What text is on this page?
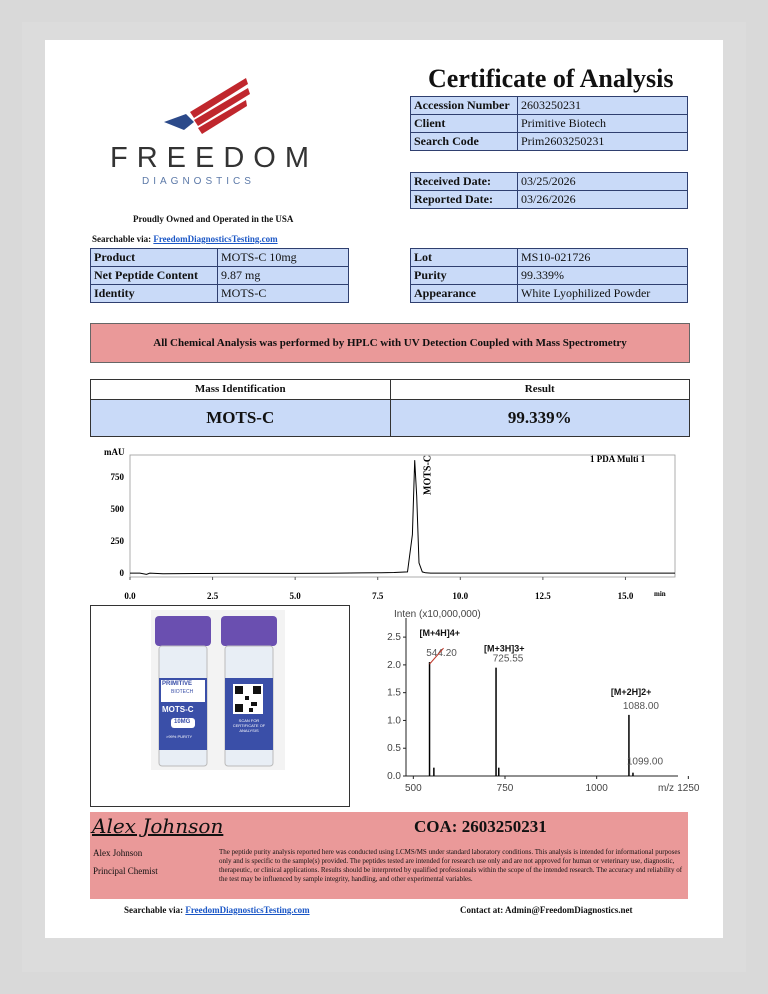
FREEDOM
DIAGNOSTICS
Proudly Owned and Operated in the USA
Searchable via: FreedomDiagnosticsTesting.com
Certificate of Analysis
Accession Number	2603250231
Client	Primitive Biotech
Search Code	Prim2603250231
Received Date:	03/25/2026
Reported Date:	03/26/2026
Product	MOTS-C 10mg
Net Peptide Content	9.87 mg
Identity	MOTS-C
Lot	MS10-021726
Purity	99.339%
Appearance	White Lyophilized Powder
All Chemical Analysis was performed by HPLC with UV Detection Coupled with Mass Spectrometry
Mass Identification	Result
MOTS-C	99.339%
mAU
min
1 PDA Multi 1
0
250
500
750
0.0	2.5	5.0	7.5	10.0	12.5	15.0
MOTS-C
PRIMITIVE
BIOTECH
MOTS-C
10MG
>99% PURITY
SCAN FOR CERTIFICATE OF ANALYSIS
Inten (x10,000,000)
0.0
0.5
1.0
1.5
2.0
2.5
500	750	1000	1250
m/z
544.20
[M+4H]4+
725.55
[M+3H]3+
1088.00
[M+2H]2+
1099.00
Alex Johnson
Alex Johnson
Principal Chemist
COA: 2603250231
The peptide purity analysis reported here was conducted using LCMS/MS under standard laboratory conditions. This analysis is intended for informational purposes only and is specific to the sample(s) provided. The peptides tested are intended for research use only and are not approved for human or veterinary use, diagnostic, therapeutic, or clinical applications. Results should be interpreted by qualified professionals within the scope of the intended research. The accuracy and reliability of the test may be influenced by sample integrity, handling, and other experimental variables.
Searchable via: FreedomDiagnosticsTesting.com	Contact at: Admin@FreedomDiagnostics.net
